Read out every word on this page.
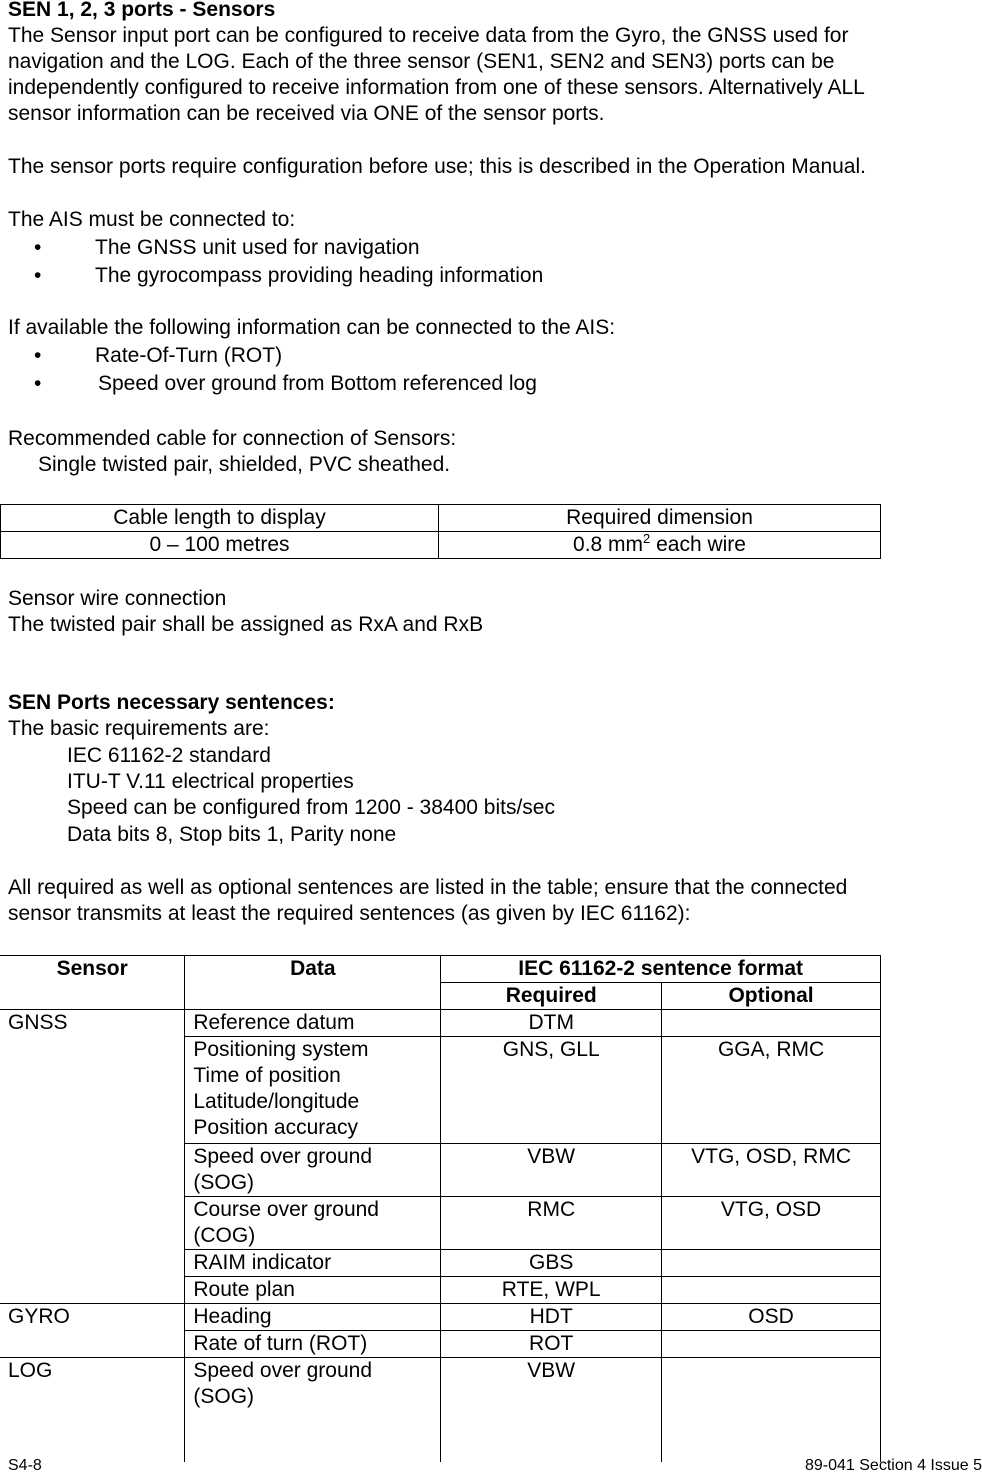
SEN 1, 2, 3 ports - Sensors
The Sensor input port can be configured to receive data from the Gyro, the GNSS used for
navigation and the LOG. Each of the three sensor (SEN1, SEN2 and SEN3) ports can be
independently configured to receive information from one of these sensors. Alternatively ALL
sensor information can be received via ONE of the sensor ports.
The sensor ports require configuration before use; this is described in the Operation Manual.
The AIS must be connected to:
•	The GNSS unit used for navigation
•	The gyrocompass providing heading information
If available the following information can be connected to the AIS:
•	Rate-Of-Turn (ROT)
•	Speed over ground from Bottom referenced log
Recommended cable for connection of Sensors:
Single twisted pair, shielded, PVC sheathed.
Cable length to display	Required dimension
0 – 100 metres	0.8 $mm^2$ each wire
Sensor wire connection
The twisted pair shall be assigned as RxA and RxB
SEN Ports necessary sentences:
The basic requirements are:
IEC 61162-2 standard
ITU-T V.11 electrical properties
Speed can be configured from 1200 - 38400 bits/sec
Data bits 8, Stop bits 1, Parity none
All required as well as optional sentences are listed in the table; ensure that the connected
sensor transmits at least the required sentences (as given by IEC 61162):
Sensor	Data	IEC 61162-2 sentence format	
		Required	Optional
GNSS	Reference datum	DTM	

	Positioning system
Time of position
Latitude/longitude
Position accuracy	GNS, GLL	GGA, RMC

	Speed over ground
(SOG)	VBW	VTG, OSD, RMC

	Course over ground
(COG)	RMC	VTG, OSD
	RAIM indicator	GBS	
	Route plan	RTE, WPL	
GYRO	Heading	HDT	OSD
	Rate of turn (ROT)	ROT	
LOG	Speed over ground
(SOG)	VBW	
S4-8	89-041 Section 4 Issue 5
